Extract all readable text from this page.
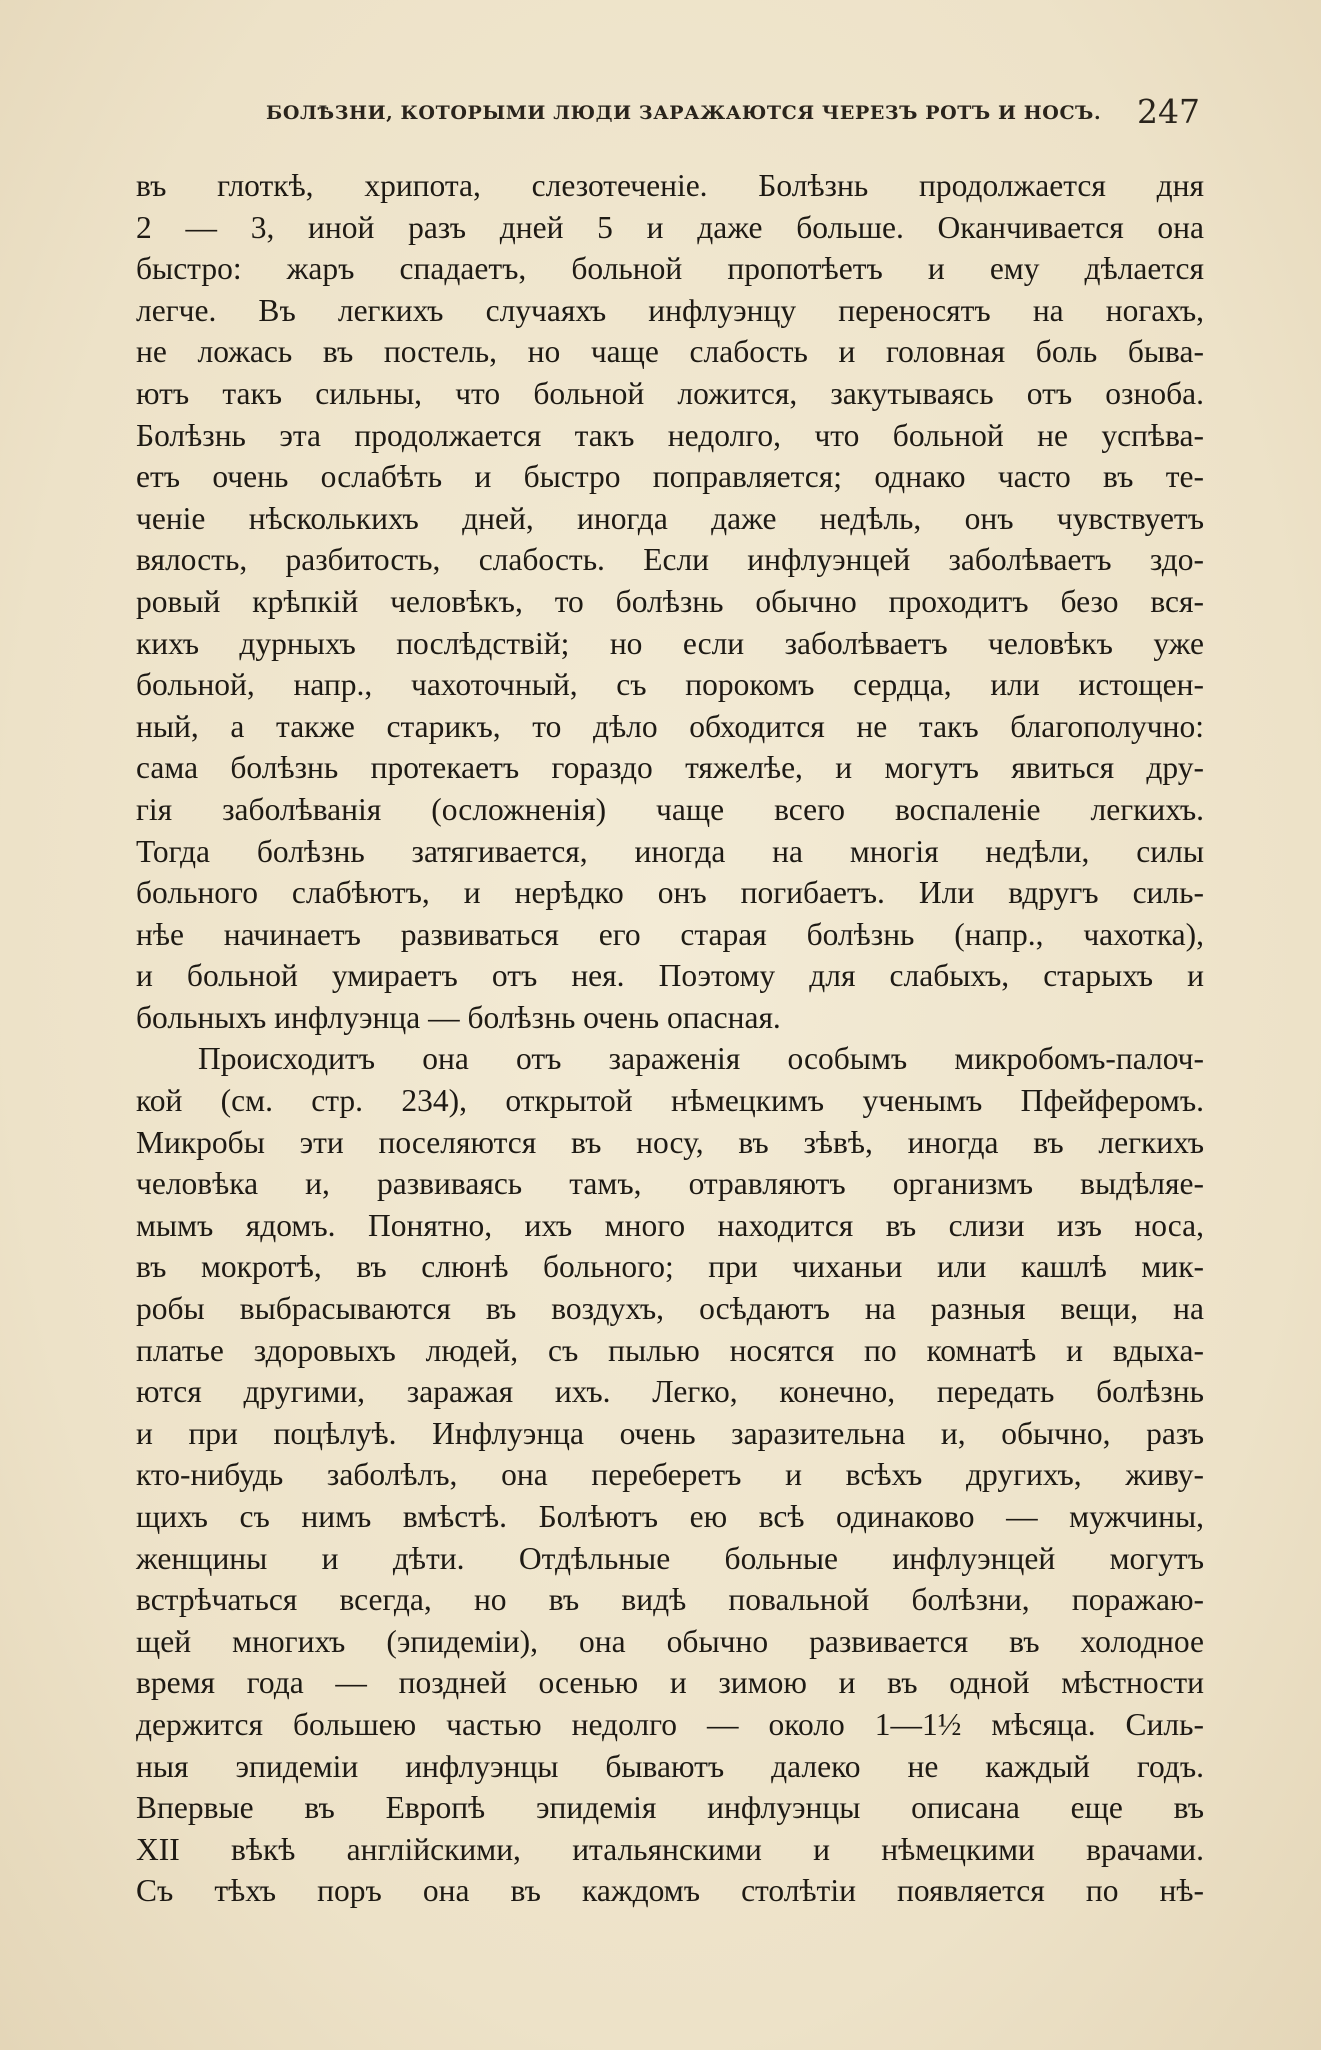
БОЛѢЗНИ, КОТОРЫМИ ЛЮДИ ЗАРАЖАЮТСЯ ЧЕРЕЗЪ РОТЪ И НОСЪ. 247
въ глоткѣ, хрипота, слезотеченіе. Болѣзнь продолжается дня
2 — 3, иной разъ дней 5 и даже больше. Оканчивается она
быстро: жаръ спадаетъ, больной пропотѣетъ и ему дѣлается
легче. Въ легкихъ случаяхъ инфлуэнцу переносятъ на ногахъ,
не ложась въ постель, но чаще слабость и головная боль быва-
ютъ такъ сильны, что больной ложится, закутываясь отъ озноба.
Болѣзнь эта продолжается такъ недолго, что больной не успѣва-
етъ очень ослабѣть и быстро поправляется; однако часто въ те-
ченіе нѣсколькихъ дней, иногда даже недѣль, онъ чувствуетъ
вялость, разбитость, слабость. Если инфлуэнцей заболѣваетъ здо-
ровый крѣпкій человѣкъ, то болѣзнь обычно проходитъ безо вся-
кихъ дурныхъ послѣдствій; но если заболѣваетъ человѣкъ уже
больной, напр., чахоточный, съ порокомъ сердца, или истощен-
ный, а также старикъ, то дѣло обходится не такъ благополучно:
сама болѣзнь протекаетъ гораздо тяжелѣе, и могутъ явиться дру-
гія заболѣванія (осложненія) чаще всего воспаленіе легкихъ.
Тогда болѣзнь затягивается, иногда на многія недѣли, силы
больного слабѣютъ, и нерѣдко онъ погибаетъ. Или вдругъ силь-
нѣе начинаетъ развиваться его старая болѣзнь (напр., чахотка),
и больной умираетъ отъ нея. Поэтому для слабыхъ, старыхъ и
больныхъ инфлуэнца — болѣзнь очень опасная.
Происходитъ она отъ зараженія особымъ микробомъ-палоч-
кой (см. стр. 234), открытой нѣмецкимъ ученымъ Пфейферомъ.
Микробы эти поселяются въ носу, въ зѣвѣ, иногда въ легкихъ
человѣка и, развиваясь тамъ, отравляютъ организмъ выдѣляе-
мымъ ядомъ. Понятно, ихъ много находится въ слизи изъ носа,
въ мокротѣ, въ слюнѣ больного; при чиханьи или кашлѣ мик-
робы выбрасываются въ воздухъ, осѣдаютъ на разныя вещи, на
платье здоровыхъ людей, съ пылью носятся по комнатѣ и вдыха-
ются другими, заражая ихъ. Легко, конечно, передать болѣзнь
и при поцѣлуѣ. Инфлуэнца очень заразительна и, обычно, разъ
кто-нибудь заболѣлъ, она переберетъ и всѣхъ другихъ, живу-
щихъ съ нимъ вмѣстѣ. Болѣютъ ею всѣ одинаково — мужчины,
женщины и дѣти. Отдѣльные больные инфлуэнцей могутъ
встрѣчаться всегда, но въ видѣ повальной болѣзни, поражаю-
щей многихъ (эпидеміи), она обычно развивается въ холодное
время года — поздней осенью и зимою и въ одной мѣстности
держится большею частью недолго — около 1—1½ мѣсяца. Силь-
ныя эпидеміи инфлуэнцы бываютъ далеко не каждый годъ.
Впервые въ Европѣ эпидемія инфлуэнцы описана еще въ
XII вѣкѣ англійскими, итальянскими и нѣмецкими врачами.
Съ тѣхъ поръ она въ каждомъ столѣтіи появляется по нѣ-
